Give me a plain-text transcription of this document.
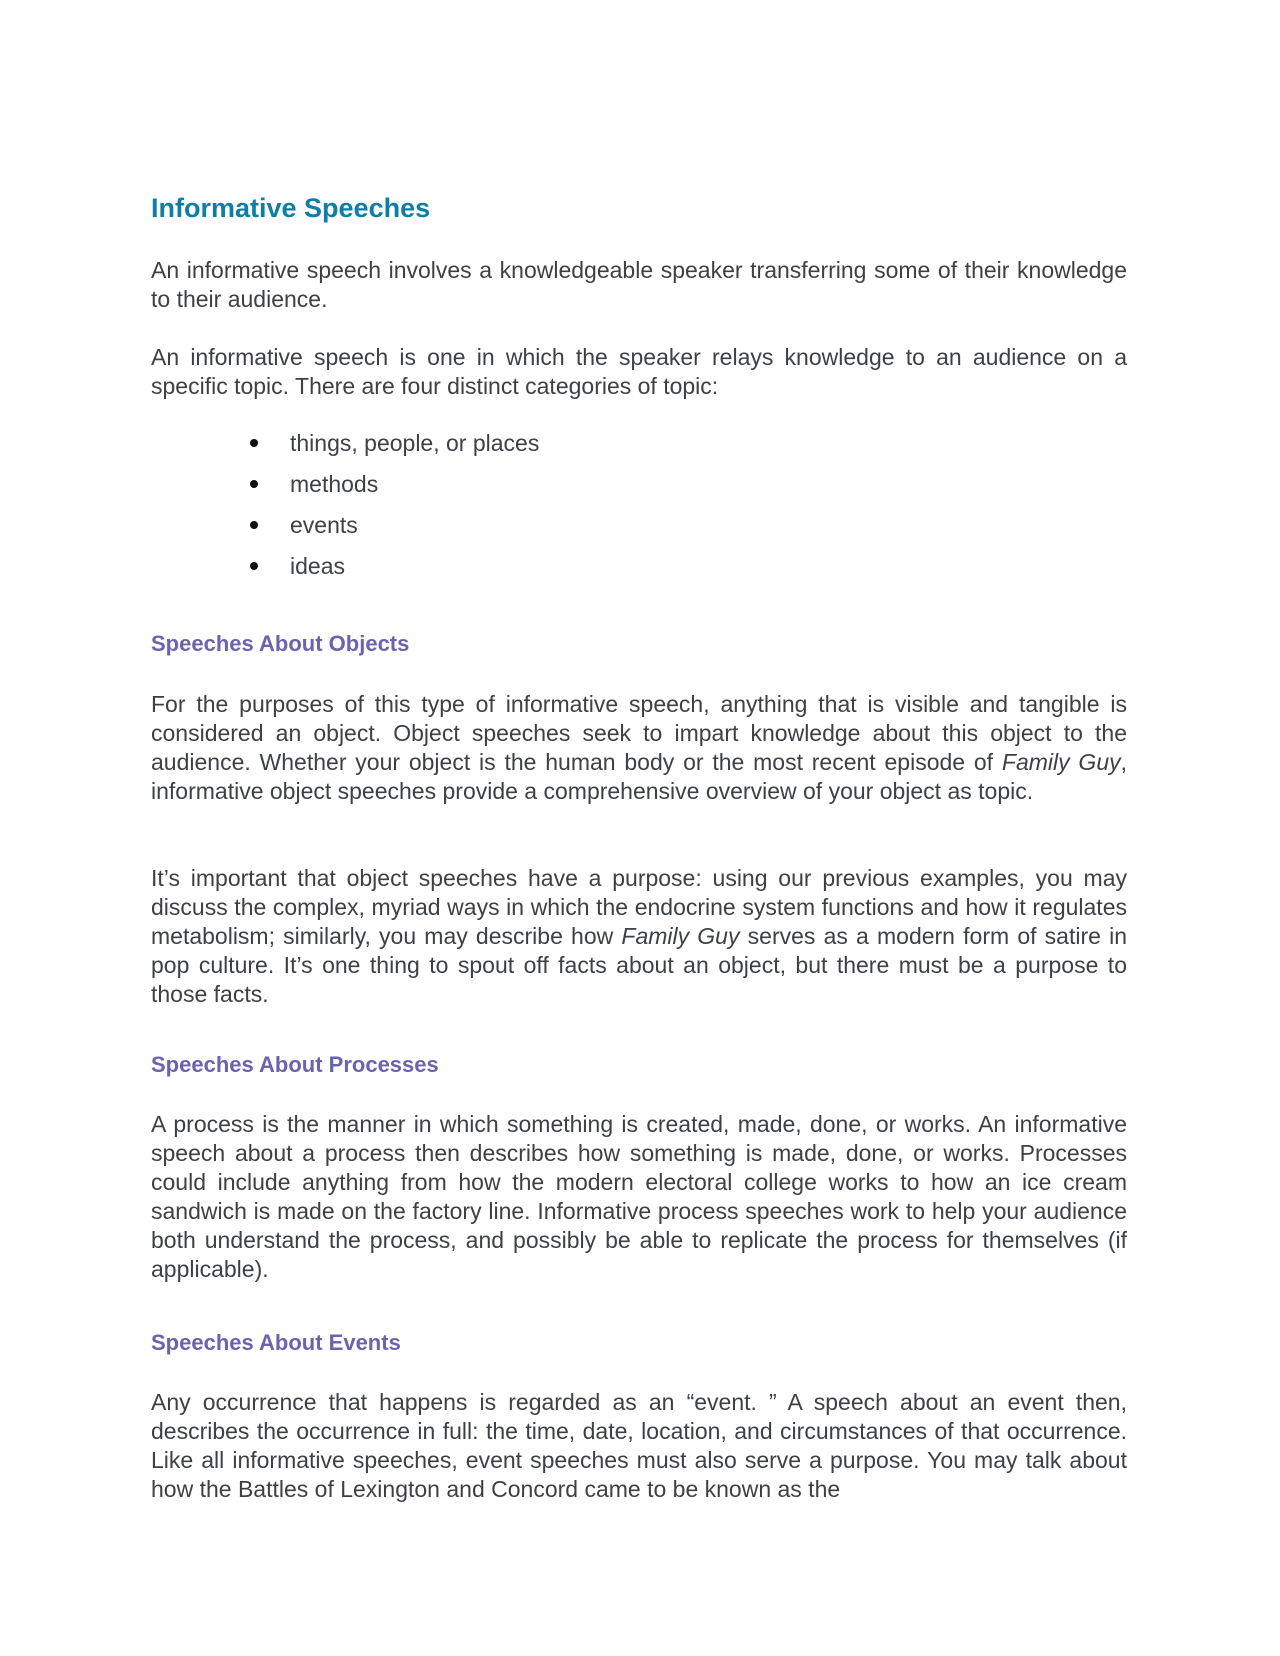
Informative Speeches

An informative speech involves a knowledgeable speaker transferring some of their knowledge to their audience.

An informative speech is one in which the speaker relays knowledge to an audience on a specific topic. There are four distinct categories of topic:

things, people, or places
methods
events
ideas
Speeches About Objects

For the purposes of this type of informative speech, anything that is visible and tangible is considered an object. Object speeches seek to impart knowledge about this object to the audience. Whether your object is the human body or the most recent episode of Family Guy, informative object speeches provide a comprehensive overview of your object as topic.

It’s important that object speeches have a purpose: using our previous examples, you may discuss the complex, myriad ways in which the endocrine system functions and how it regulates metabolism; similarly, you may describe how Family Guy serves as a modern form of satire in pop culture. It’s one thing to spout off facts about an object, but there must be a purpose to those facts.

Speeches About Processes

A process is the manner in which something is created, made, done, or works. An informative speech about a process then describes how something is made, done, or works. Processes could include anything from how the modern electoral college works to how an ice cream sandwich is made on the factory line. Informative process speeches work to help your audience both understand the process, and possibly be able to replicate the process for themselves (if applicable).

Speeches About Events

Any occurrence that happens is regarded as an “event. ” A speech about an event then, describes the occurrence in full: the time, date, location, and circumstances of that occurrence. Like all informative speeches, event speeches must also serve a purpose. You may talk about how the Battles of Lexington and Concord came to be known as the
